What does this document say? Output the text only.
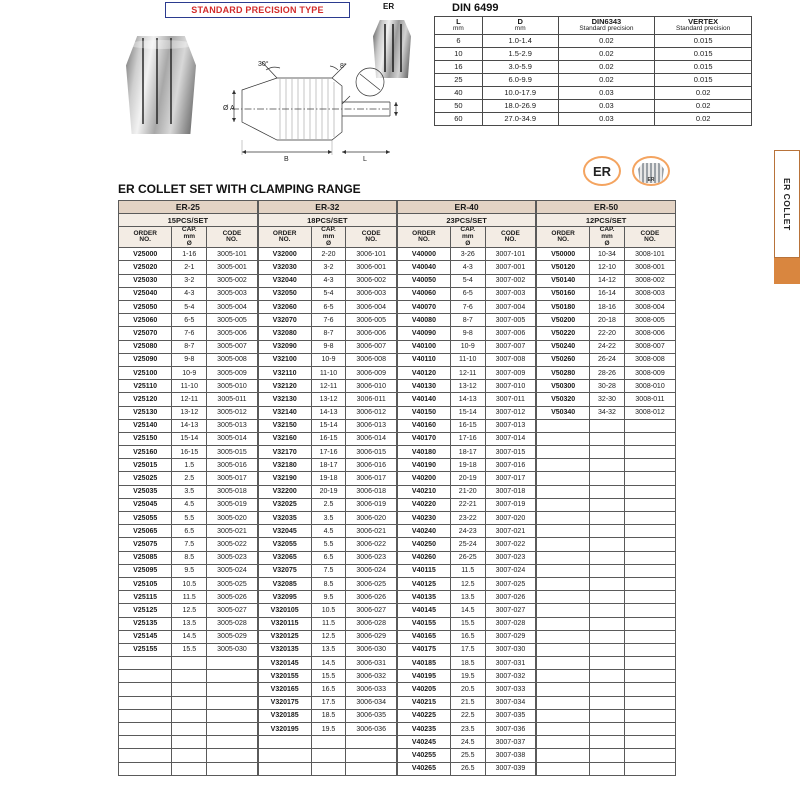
STANDARD PRECISION TYPE	ER	DIN 6499
30°	8°
Ø A
B	L
L
mm

D
mm

DIN6343
Standard precision

VERTEX
Standard precision

6	1.0-1.4	0.02	0.015
10	1.5-2.9	0.02	0.015
16	3.0-5.9	0.02	0.015
25	6.0-9.9	0.02	0.015
40	10.0-17.9	0.03	0.02
50	18.0-26.9	0.03	0.02
60	27.0-34.9	0.03	0.02
ER
ER	ER COLLET
ER COLLET SET WITH CLAMPING RANGE
ER-25			ER-32			ER-40			ER-50		
15PCS/SET			18PCS/SET			23PCS/SET			12PCS/SET		

ORDER
NO.

CAP.
mm
Ø

CODE
NO.

ORDER
NO.

CAP.
mm
Ø

CODE
NO.

ORDER
NO.

CAP.
mm
Ø

CODE
NO.

ORDER
NO.

CAP.
mm
Ø

CODE
NO.

V25000	1-16	3005-101	V32000	2-20	3006-101	V40000	3-26	3007-101	V50000	10-34	3008-101
V25020	2-1	3005-001	V32030	3-2	3006-001	V40040	4-3	3007-001	V50120	12-10	3008-001
V25030	3-2	3005-002	V32040	4-3	3006-002	V40050	5-4	3007-002	V50140	14-12	3008-002
V25040	4-3	3005-003	V32050	5-4	3006-003	V40060	6-5	3007-003	V50160	16-14	3008-003
V25050	5-4	3005-004	V32060	6-5	3006-004	V40070	7-6	3007-004	V50180	18-16	3008-004
V25060	6-5	3005-005	V32070	7-6	3006-005	V40080	8-7	3007-005	V50200	20-18	3008-005
V25070	7-6	3005-006	V32080	8-7	3006-006	V40090	9-8	3007-006	V50220	22-20	3008-006
V25080	8-7	3005-007	V32090	9-8	3006-007	V40100	10-9	3007-007	V50240	24-22	3008-007
V25090	9-8	3005-008	V32100	10-9	3006-008	V40110	11-10	3007-008	V50260	26-24	3008-008
V25100	10-9	3005-009	V32110	11-10	3006-009	V40120	12-11	3007-009	V50280	28-26	3008-009
V25110	11-10	3005-010	V32120	12-11	3006-010	V40130	13-12	3007-010	V50300	30-28	3008-010
V25120	12-11	3005-011	V32130	13-12	3006-011	V40140	14-13	3007-011	V50320	32-30	3008-011
V25130	13-12	3005-012	V32140	14-13	3006-012	V40150	15-14	3007-012	V50340	34-32	3008-012
V25140	14-13	3005-013	V32150	15-14	3006-013	V40160	16-15	3007-013			
V25150	15-14	3005-014	V32160	16-15	3006-014	V40170	17-16	3007-014			
V25160	16-15	3005-015	V32170	17-16	3006-015	V40180	18-17	3007-015			
V25015	1.5	3005-016	V32180	18-17	3006-016	V40190	19-18	3007-016			
V25025	2.5	3005-017	V32190	19-18	3006-017	V40200	20-19	3007-017			
V25035	3.5	3005-018	V32200	20-19	3006-018	V40210	21-20	3007-018			
V25045	4.5	3005-019	V32025	2.5	3006-019	V40220	22-21	3007-019			
V25055	5.5	3005-020	V32035	3.5	3006-020	V40230	23-22	3007-020			
V25065	6.5	3005-021	V32045	4.5	3006-021	V40240	24-23	3007-021			
V25075	7.5	3005-022	V32055	5.5	3006-022	V40250	25-24	3007-022			
V25085	8.5	3005-023	V32065	6.5	3006-023	V40260	26-25	3007-023			
V25095	9.5	3005-024	V32075	7.5	3006-024	V40115	11.5	3007-024			
V25105	10.5	3005-025	V32085	8.5	3006-025	V40125	12.5	3007-025			
V25115	11.5	3005-026	V32095	9.5	3006-026	V40135	13.5	3007-026			
V25125	12.5	3005-027	V320105	10.5	3006-027	V40145	14.5	3007-027			
V25135	13.5	3005-028	V320115	11.5	3006-028	V40155	15.5	3007-028			
V25145	14.5	3005-029	V320125	12.5	3006-029	V40165	16.5	3007-029			
V25155	15.5	3005-030	V320135	13.5	3006-030	V40175	17.5	3007-030			
			V320145	14.5	3006-031	V40185	18.5	3007-031			
			V320155	15.5	3006-032	V40195	19.5	3007-032			
			V320165	16.5	3006-033	V40205	20.5	3007-033			
			V320175	17.5	3006-034	V40215	21.5	3007-034			
			V320185	18.5	3006-035	V40225	22.5	3007-035			
			V320195	19.5	3006-036	V40235	23.5	3007-036			
						V40245	24.5	3007-037			
						V40255	25.5	3007-038			
						V40265	26.5	3007-039			
